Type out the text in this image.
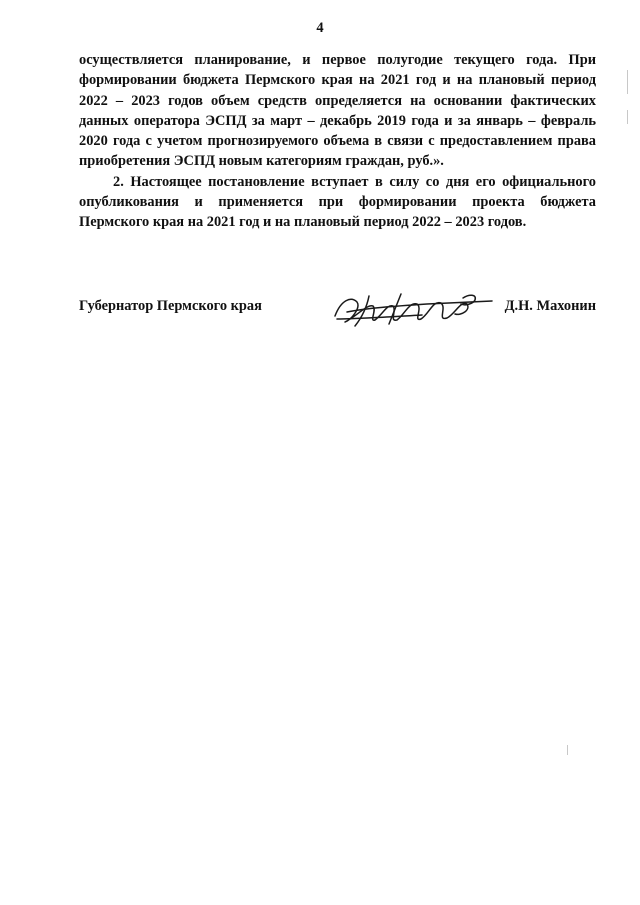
4

осуществляется планирование, и первое полугодие текущего года. При формировании бюджета Пермского края на 2021 год и на плановый период 2022 – 2023 годов объем средств определяется на основании фактических данных оператора ЭСПД за март – декабрь 2019 года и за январь – февраль 2020 года с учетом прогнозируемого объема в связи с предоставлением права приобретения ЭСПД новым категориям граждан, руб.».

2. Настоящее постановление вступает в силу со дня его официального опубликования и применяется при формировании проекта бюджета Пермского края на 2021 год и на плановый период 2022 – 2023 годов.

Губернатор Пермского края	Д.Н. Махонин
